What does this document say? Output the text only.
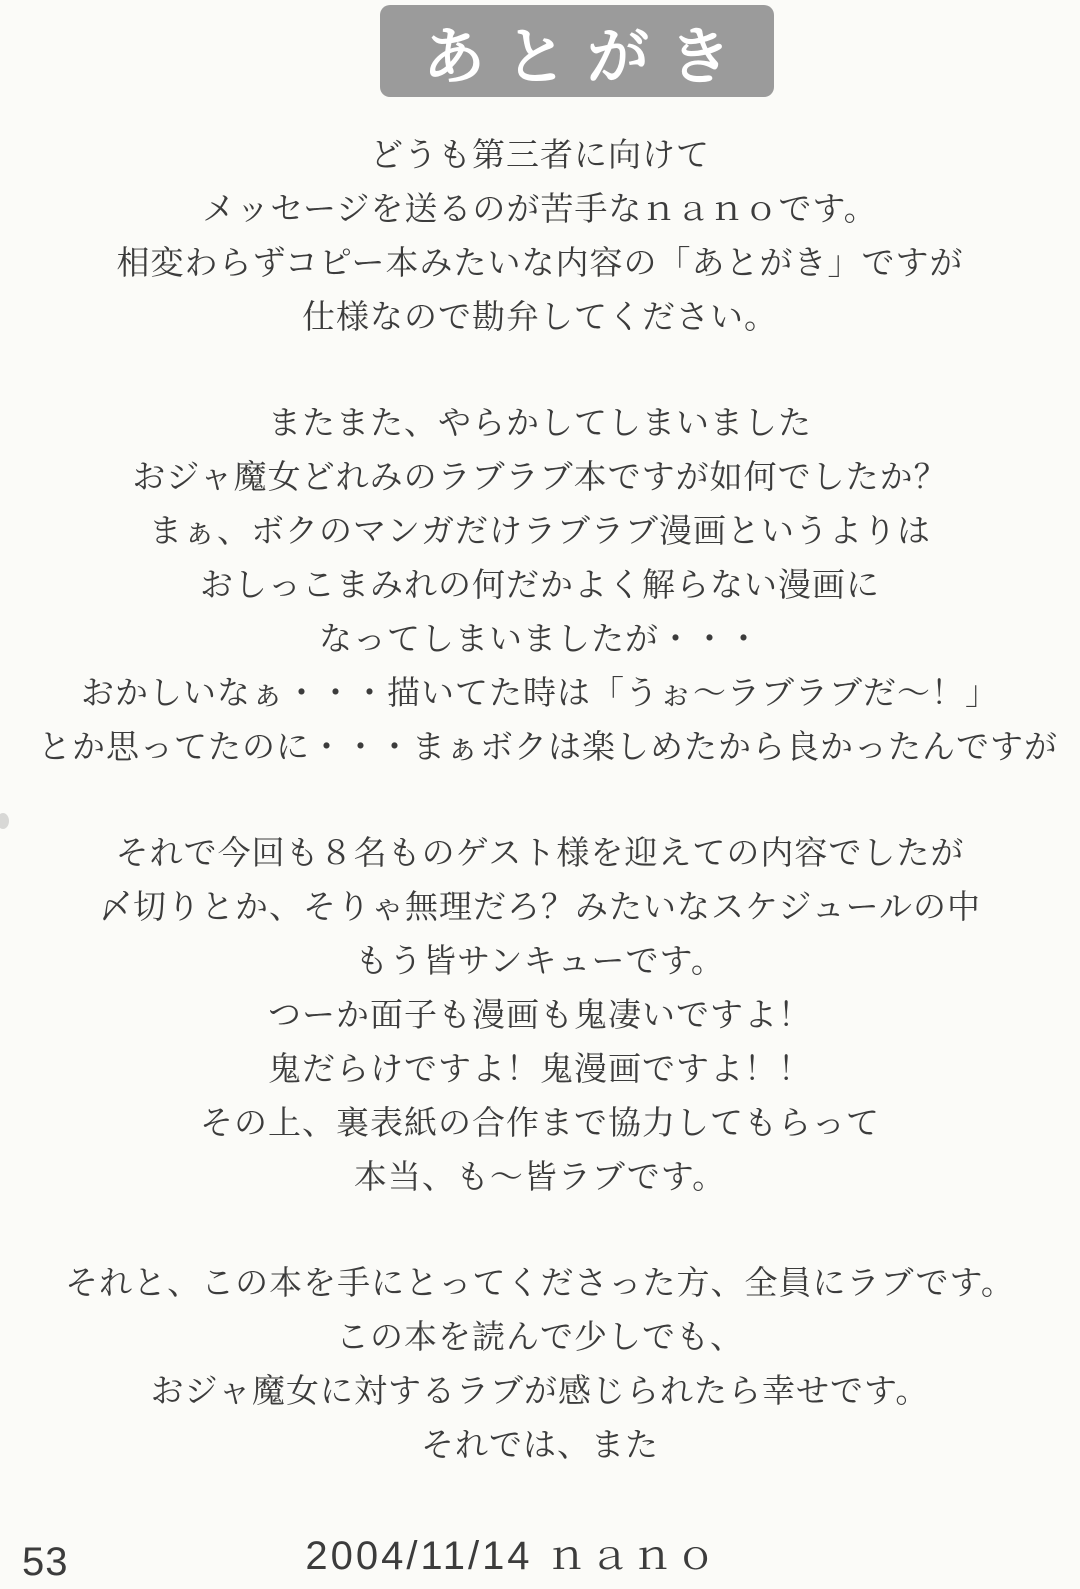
あとがき
どうも第三者に向けて
メッセージを送るのが苦手なｎａｎｏです。
相変わらずコピー本みたいな内容の「あとがき」ですが
仕様なので勘弁してください。
またまた、やらかしてしまいました
おジャ魔女どれみのラブラブ本ですが如何でしたか？
まぁ、ボクのマンガだけラブラブ漫画というよりは
おしっこまみれの何だかよく解らない漫画に
なってしまいましたが・・・
おかしいなぁ・・・描いてた時は「うぉ～ラブラブだ～！」
とか思ってたのに・・・まぁボクは楽しめたから良かったんですが
それで今回も８名ものゲスト様を迎えての内容でしたが
〆切りとか、そりゃ無理だろ？みたいなスケジュールの中
もう皆サンキューです。
つーか面子も漫画も鬼凄いですよ！
鬼だらけですよ！鬼漫画ですよ！！
その上、裏表紙の合作まで協力してもらって
本当、も～皆ラブです。
それと、この本を手にとってくださった方、全員にラブです。
この本を読んで少しでも、
おジャ魔女に対するラブが感じられたら幸せです。
それでは、また
53	2004/11/14 ｎａｎｏ
